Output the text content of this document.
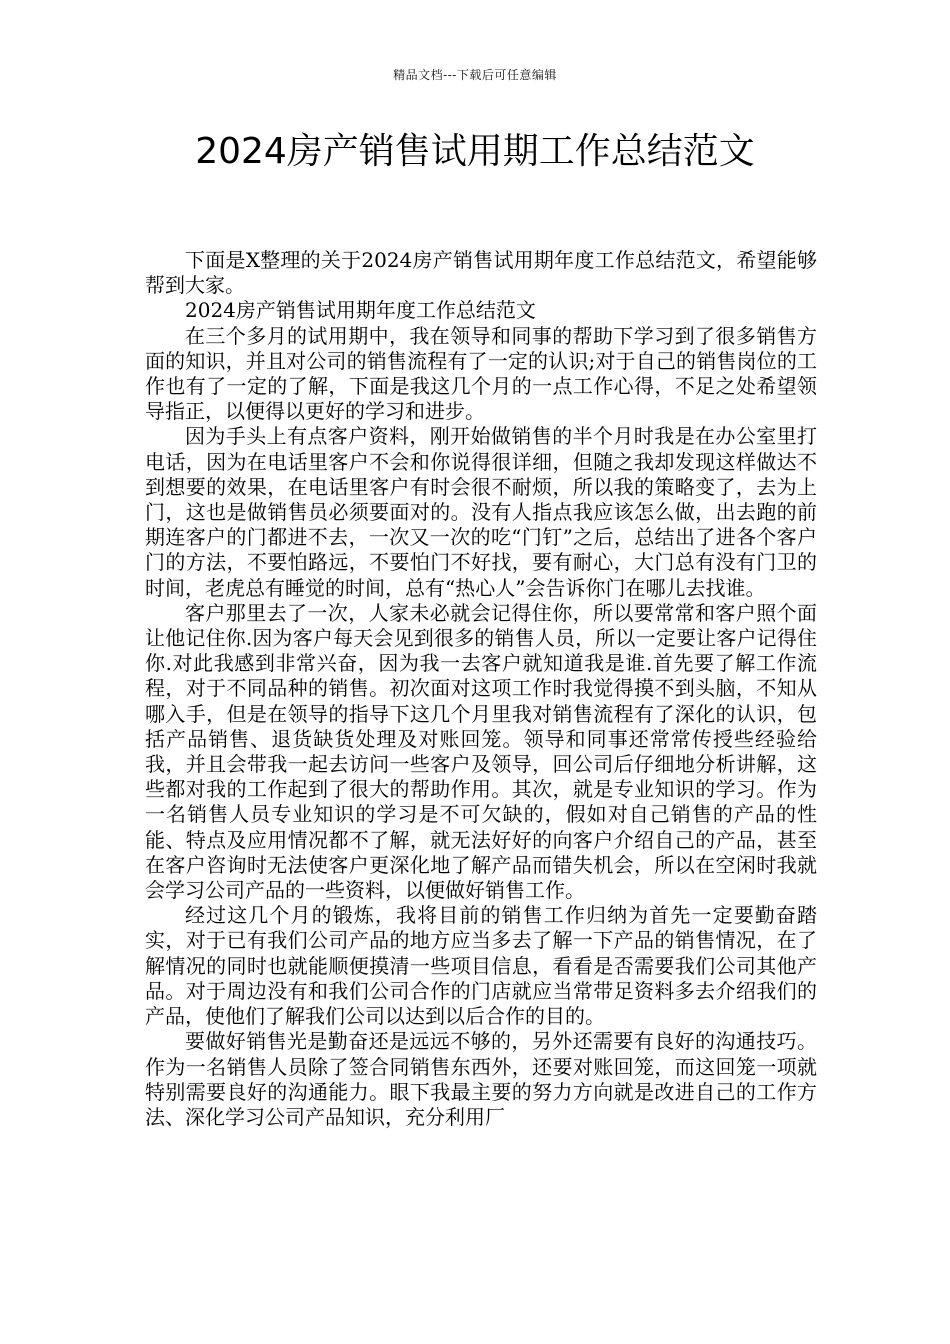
精品文档---下载后可任意编辑
2024房产销售试用期工作总结范文

下面是X整理的关于2024房产销售试用期年度工作总结范文，希望能够帮到大家。

2024房产销售试用期年度工作总结范文

在三个多月的试用期中，我在领导和同事的帮助下学习到了很多销售方面的知识，并且对公司的销售流程有了一定的认识;对于自己的销售岗位的工作也有了一定的了解，下面是我这几个月的一点工作心得，不足之处希望领导指正，以便得以更好的学习和进步。

因为手头上有点客户资料，刚开始做销售的半个月时我是在办公室里打电话，因为在电话里客户不会和你说得很详细，但随之我却发现这样做达不到想要的效果，在电话里客户有时会很不耐烦，所以我的策略变了，去为上门，这也是做销售员必须要面对的。没有人指点我应该怎么做，出去跑的前期连客户的门都进不去，一次又一次的吃“门钉”之后，总结出了进各个客户门的方法，不要怕路远，不要怕门不好找，要有耐心，大门总有没有门卫的时间，老虎总有睡觉的时间，总有“热心人”会告诉你门在哪儿去找谁。

客户那里去了一次，人家未必就会记得住你，所以要常常和客户照个面让他记住你.因为客户每天会见到很多的销售人员，所以一定要让客户记得住你.对此我感到非常兴奋，因为我一去客户就知道我是谁.首先要了解工作流程，对于不同品种的销售。初次面对这项工作时我觉得摸不到头脑，不知从哪入手，但是在领导的指导下这几个月里我对销售流程有了深化的认识，包括产品销售、退货缺货处理及对账回笼。领导和同事还常常传授些经验给我，并且会带我一起去访问一些客户及领导，回公司后仔细地分析讲解，这些都对我的工作起到了很大的帮助作用。其次，就是专业知识的学习。作为一名销售人员专业知识的学习是不可欠缺的，假如对自己销售的产品的性能、特点及应用情况都不了解，就无法好好的向客户介绍自己的产品，甚至在客户咨询时无法使客户更深化地了解产品而错失机会，所以在空闲时我就会学习公司产品的一些资料，以便做好销售工作。

经过这几个月的锻炼，我将目前的销售工作归纳为首先一定要勤奋踏实，对于已有我们公司产品的地方应当多去了解一下产品的销售情况，在了解情况的同时也就能顺便摸清一些项目信息，看看是否需要我们公司其他产品。对于周边没有和我们公司合作的门店就应当常带足资料多去介绍我们的产品，使他们了解我们公司以达到以后合作的目的。

要做好销售光是勤奋还是远远不够的，另外还需要有良好的沟通技巧。作为一名销售人员除了签合同销售东西外，还要对账回笼，而这回笼一项就特别需要良好的沟通能力。眼下我最主要的努力方向就是改进自己的工作方法、深化学习公司产品知识，充分利用厂
